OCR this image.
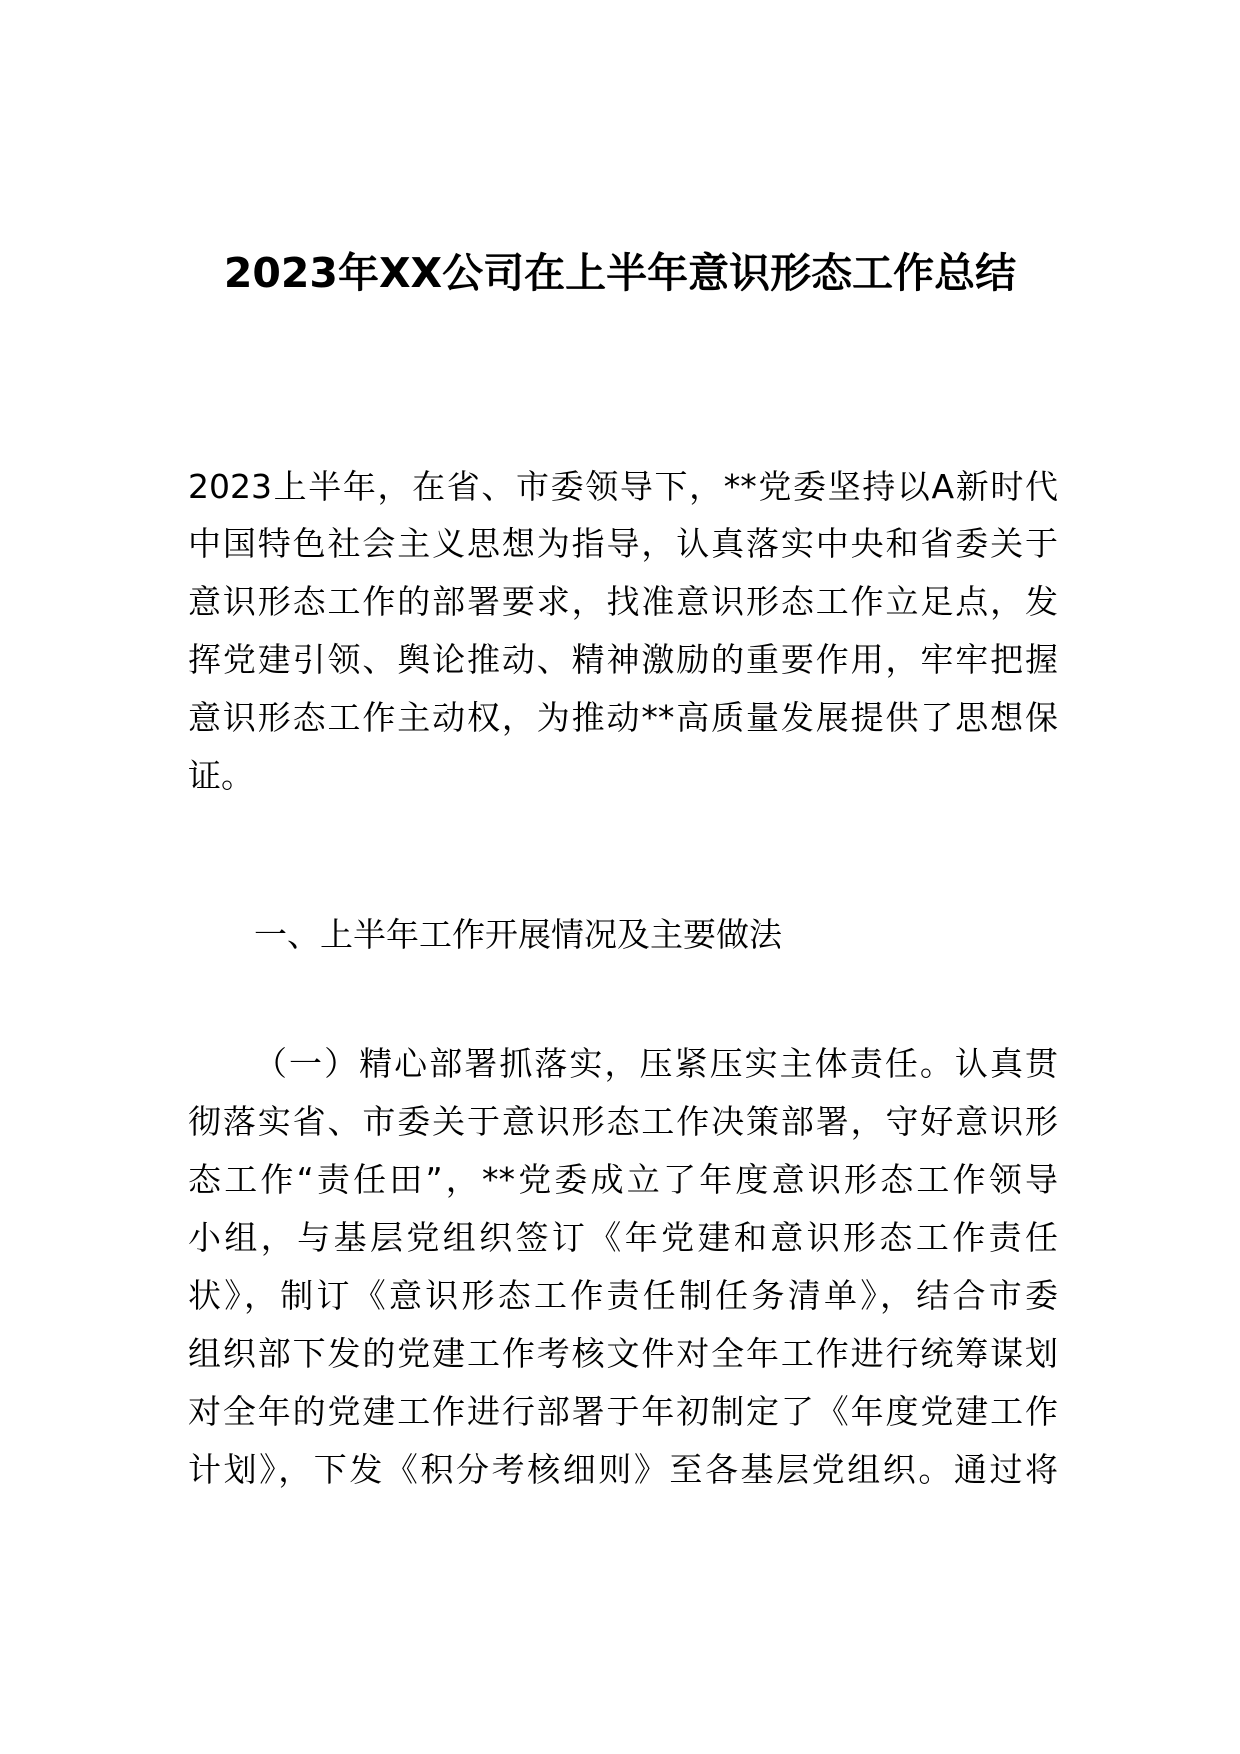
2023年XX公司在上半年意识形态工作总结
2023上半年，在省、市委领导下，**党委坚持以A新时代
中国特色社会主义思想为指导，认真落实中央和省委关于
意识形态工作的部署要求，找准意识形态工作立足点，发
挥党建引领、舆论推动、精神激励的重要作用，牢牢把握
意识形态工作主动权，为推动**高质量发展提供了思想保
证。
一、上半年工作开展情况及主要做法
（一）精心部署抓落实，压紧压实主体责任。认真贯
彻落实省、市委关于意识形态工作决策部署，守好意识形
态工作“责任田”，**党委成立了年度意识形态工作领导
小组，与基层党组织签订《年党建和意识形态工作责任
状》，制订《意识形态工作责任制任务清单》，结合市委
组织部下发的党建工作考核文件对全年工作进行统筹谋划
对全年的党建工作进行部署于年初制定了《年度党建工作
计划》，下发《积分考核细则》至各基层党组织。通过将
